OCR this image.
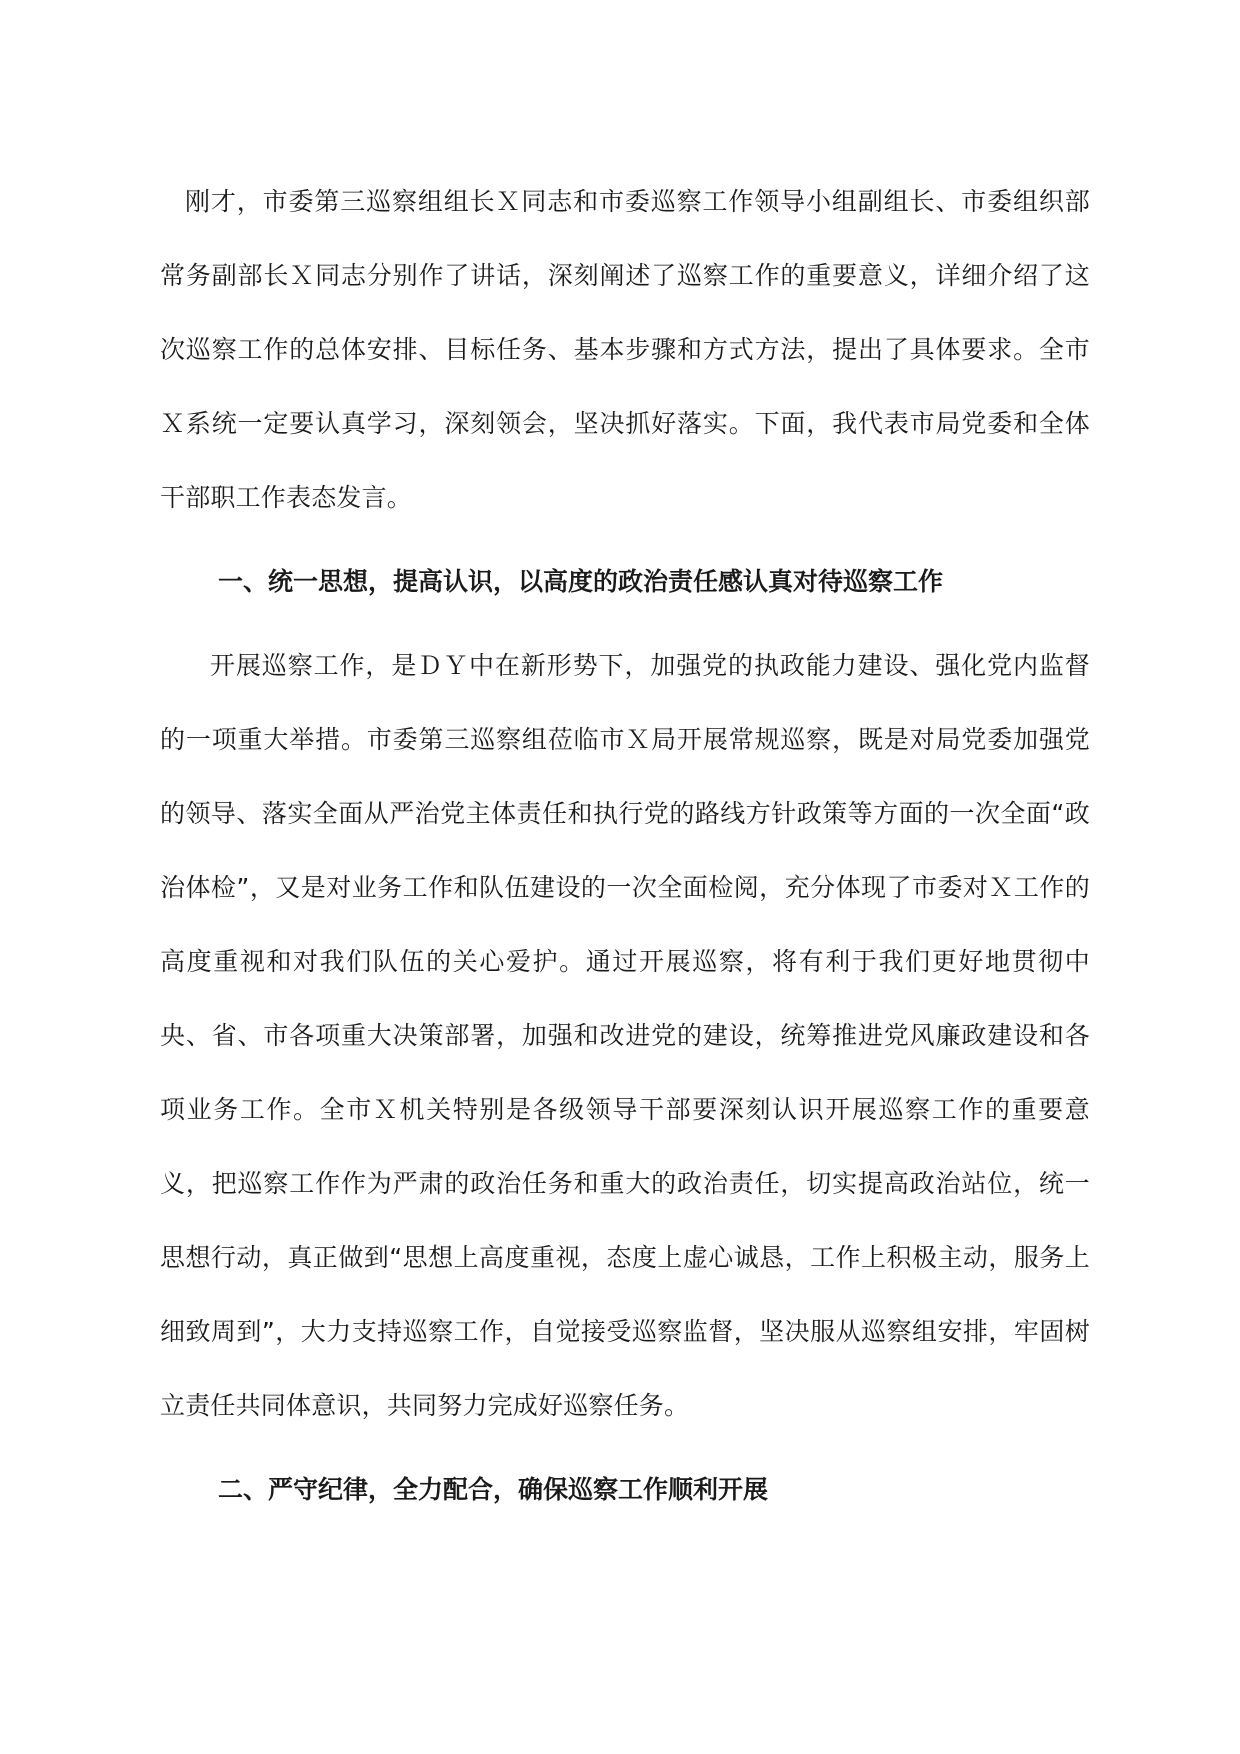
刚才，市委第三巡察组组长Ｘ同志和市委巡察工作领导小组副组长、市委组织部常务副部长Ｘ同志分别作了讲话，深刻阐述了巡察工作的重要意义，详细介绍了这次巡察工作的总体安排、目标任务、基本步骤和方式方法，提出了具体要求。全市 Ｘ系统一定要认真学习，深刻领会，坚决抓好落实。下面，我代表市局党委和全体干部职工作表态发言。

一、统一思想，提高认识，以高度的政治责任感认真对待巡察工作

开展巡察工作，是ＤＹ中在新形势下，加强党的执政能力建设、强化党内监督的一项重大举措。市委第三巡察组莅临市Ｘ局开展常规巡察，既是对局党委加强党的领导、落实全面从严治党主体责任和执行党的路线方针政策等方面的一次全面“政治体检”，又是对业务工作和队伍建设的一次全面检阅，充分体现了市委对Ｘ工作的高度重视和对我们队伍的关心爱护。通过开展巡察，将有利于我们更好地贯彻中央、省、市各项重大决策部署，加强和改进党的建设，统筹推进党风廉政建设和各项业务工作。全市Ｘ机关特别是各级领导干部要深刻认识开展巡察工作的重要意义，把巡察工作作为严肃的政治任务和重大的政治责任，切实提高政治站位，统一思想行动，真正做到“思想上高度重视，态度上虚心诚恳，工作上积极主动，服务上细致周到”，大力支持巡察工作，自觉接受巡察监督，坚决服从巡察组安排，牢固树立责任共同体意识，共同努力完成好巡察任务。

二、严守纪律，全力配合，确保巡察工作顺利开展
